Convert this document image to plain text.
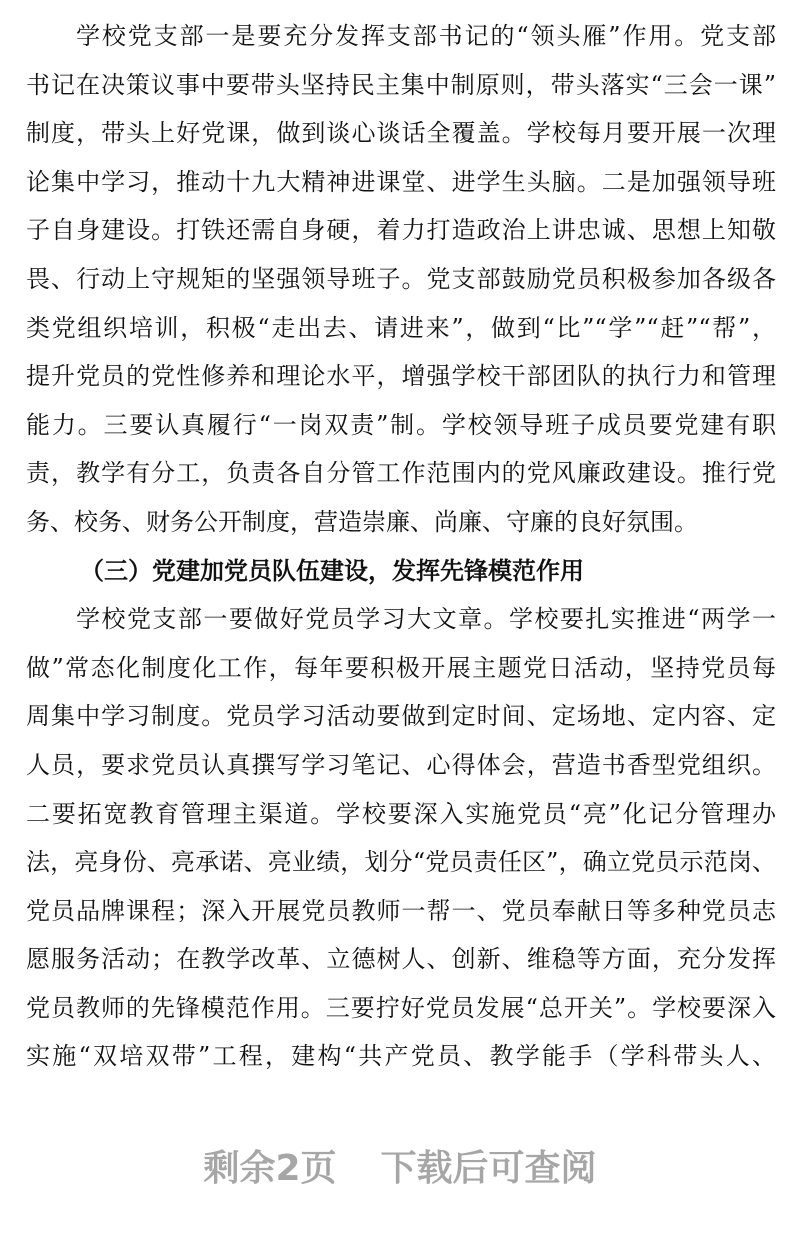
学校党支部一是要充分发挥支部书记的“领头雁”作用。党支部
书记在决策议事中要带头坚持民主集中制原则，带头落实“三会一课”
制度，带头上好党课，做到谈心谈话全覆盖。学校每月要开展一次理
论集中学习，推动十九大精神进课堂、进学生头脑。二是加强领导班
子自身建设。打铁还需自身硬，着力打造政治上讲忠诚、思想上知敬
畏、行动上守规矩的坚强领导班子。党支部鼓励党员积极参加各级各
类党组织培训，积极“走出去、请进来”，做到“比”“学”“赶”“帮”，
提升党员的党性修养和理论水平，增强学校干部团队的执行力和管理
能力。三要认真履行“一岗双责”制。学校领导班子成员要党建有职
责，教学有分工，负责各自分管工作范围内的党风廉政建设。推行党
务、校务、财务公开制度，营造崇廉、尚廉、守廉的良好氛围。
（三）党建加党员队伍建设，发挥先锋模范作用
学校党支部一要做好党员学习大文章。学校要扎实推进“两学一
做”常态化制度化工作，每年要积极开展主题党日活动，坚持党员每
周集中学习制度。党员学习活动要做到定时间、定场地、定内容、定
人员，要求党员认真撰写学习笔记、心得体会，营造书香型党组织。
二要拓宽教育管理主渠道。学校要深入实施党员“亮”化记分管理办
法，亮身份、亮承诺、亮业绩，划分“党员责任区”，确立党员示范岗、
党员品牌课程；深入开展党员教师一帮一、党员奉献日等多种党员志
愿服务活动；在教学改革、立德树人、创新、维稳等方面，充分发挥
党员教师的先锋模范作用。三要拧好党员发展“总开关”。学校要深入
实施“双培双带”工程，建构“共产党员、教学能手（学科带头人、
剩余2页 下载后可查阅
